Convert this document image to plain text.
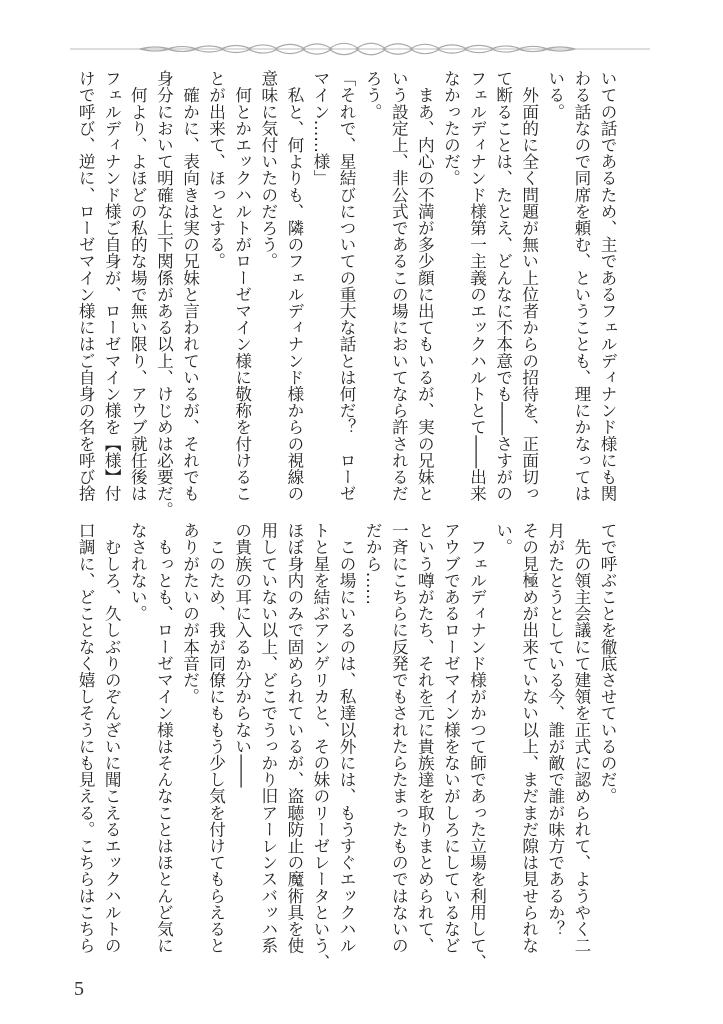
いての話であるため、主であるフェルディナンド様にも関
わる話なので同席を頼む、ということも、理にかなっては
いる。
　外面的に全く問題が無い上位者からの招待を、正面切っ
て断ることは、たとえ、どんなに不本意でも――さすがの
フェルディナンド様第一主義のエックハルトとて――出来
なかったのだ。
　まあ、内心の不満が多少顔に出てもいるが、実の兄妹と
いう設定上、非公式であるこの場においてなら許されるだ
ろう。
「それで、星結びについての重大な話とは何だ？　ローゼ
マイン……様」
　私と、何よりも、隣のフェルディナンド様からの視線の
意味に気付いたのだろう。
　何とかエックハルトがローゼマイン様に敬称を付けるこ
とが出来て、ほっとする。
　確かに、表向きは実の兄妹と言われているが、それでも
身分において明確な上下関係がある以上、けじめは必要だ。
　何より、よほどの私的な場で無い限り、アウブ就任後は
フェルディナンド様ご自身が、ローゼマイン様を【様】付
けで呼び、逆に、ローゼマイン様にはご自身の名を呼び捨
てで呼ぶことを徹底させているのだ。
　先の領主会議にて建領を正式に認められて、ようやく二
月がたとうとしている今、誰が敵で誰が味方であるか？
その見極めが出来ていない以上、まだまだ隙は見せられな
い。
　フェルディナンド様がかつて師であった立場を利用して、
アウブであるローゼマイン様をないがしろにしているなど
という噂がたち、それを元に貴族達を取りまとめられて、
一斉にこちらに反発でもされたらたまったものではないの
だから……
　この場にいるのは、私達以外には、もうすぐエックハル
トと星を結ぶアンゲリカと、その妹のリーゼレータという、
ほぼ身内のみで固められているが、盗聴防止の魔術具を使
用していない以上、どこでうっかり旧アーレンスバッハ系
の貴族の耳に入るか分からない――
　このため、我が同僚にももう少し気を付けてもらえると
ありがたいのが本音だ。
　もっとも、ローゼマイン様はそんなことはほとんど気に
なされない。
　むしろ、久しぶりのぞんざいに聞こえるエックハルトの
口調に、どことなく嬉しそうにも見える。こちらはこちら
5
